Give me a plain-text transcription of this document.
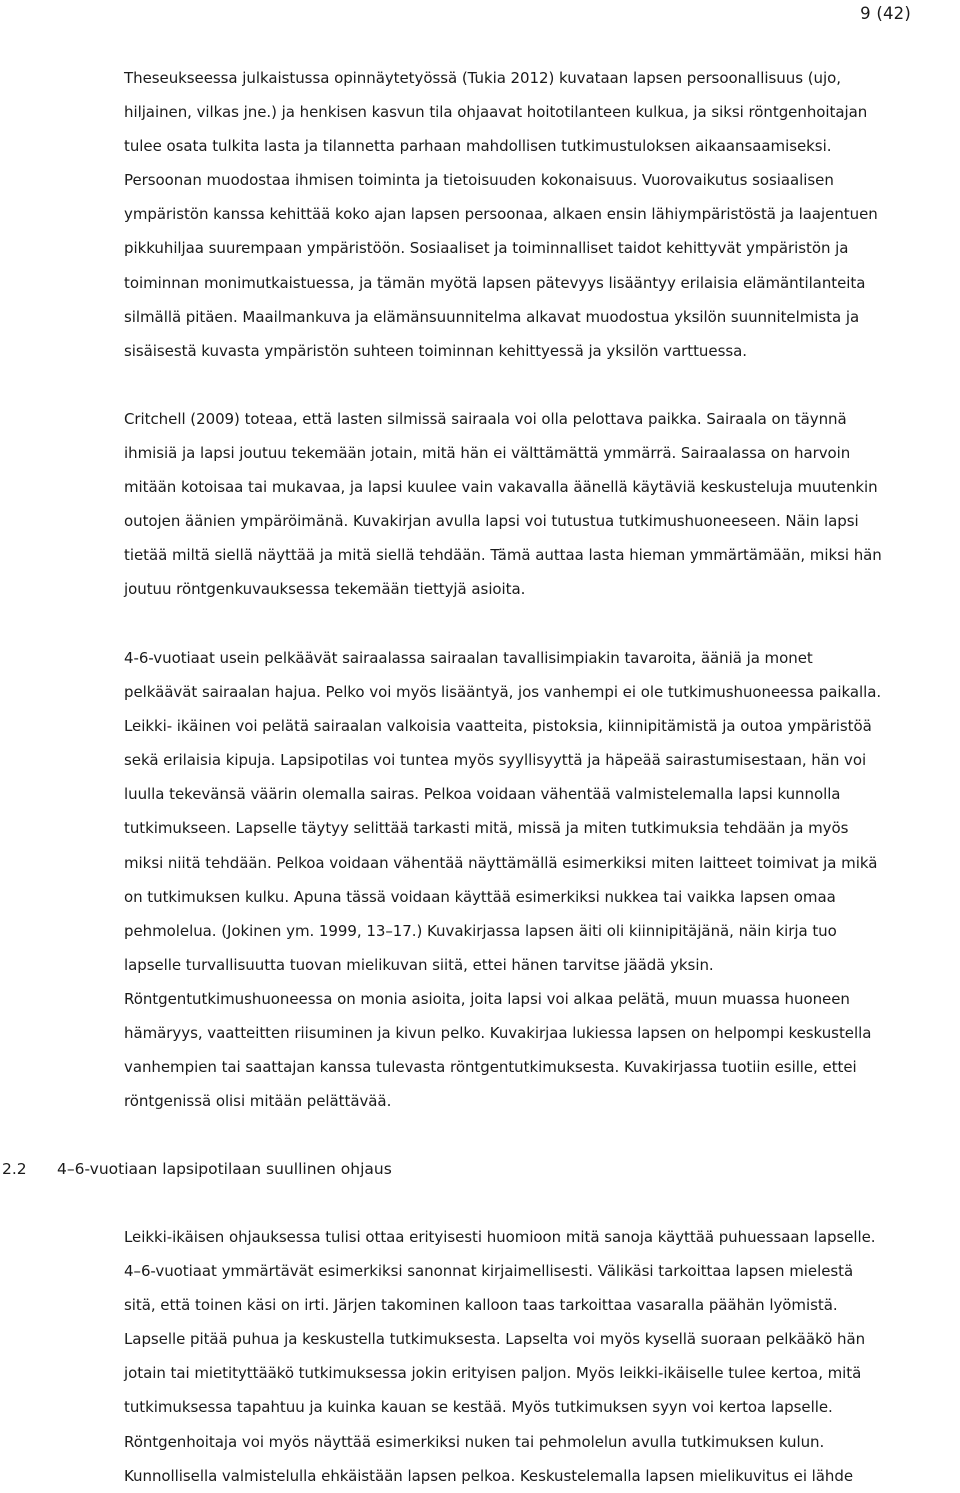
9 (42)
Theseukseessa julkaistussa opinnäytetyössä (Tukia 2012) kuvataan lapsen persoonallisuus (ujo,
hiljainen, vilkas jne.) ja henkisen kasvun tila ohjaavat hoitotilanteen kulkua, ja siksi röntgenhoitajan
tulee osata tulkita lasta ja tilannetta parhaan mahdollisen tutkimustuloksen aikaansaamiseksi.
Persoonan muodostaa ihmisen toiminta ja tietoisuuden kokonaisuus. Vuorovaikutus sosiaalisen
ympäristön kanssa kehittää koko ajan lapsen persoonaa, alkaen ensin lähiympäristöstä ja laajentuen
pikkuhiljaa suurempaan ympäristöön. Sosiaaliset ja toiminnalliset taidot kehittyvät ympäristön ja
toiminnan monimutkaistuessa, ja tämän myötä lapsen pätevyys lisääntyy erilaisia elämäntilanteita
silmällä pitäen. Maailmankuva ja elämänsuunnitelma alkavat muodostua yksilön suunnitelmista ja
sisäisestä kuvasta ympäristön suhteen toiminnan kehittyessä ja yksilön varttuessa.
Critchell (2009) toteaa, että lasten silmissä sairaala voi olla pelottava paikka. Sairaala on täynnä
ihmisiä ja lapsi joutuu tekemään jotain, mitä hän ei välttämättä ymmärrä. Sairaalassa on harvoin
mitään kotoisaa tai mukavaa, ja lapsi kuulee vain vakavalla äänellä käytäviä keskusteluja muutenkin
outojen äänien ympäröimänä. Kuvakirjan avulla lapsi voi tutustua tutkimushuoneeseen. Näin lapsi
tietää miltä siellä näyttää ja mitä siellä tehdään. Tämä auttaa lasta hieman ymmärtämään, miksi hän
joutuu röntgenkuvauksessa tekemään tiettyjä asioita.
4-6-vuotiaat usein pelkäävät sairaalassa sairaalan tavallisimpiakin tavaroita, ääniä ja monet
pelkäävät sairaalan hajua. Pelko voi myös lisääntyä, jos vanhempi ei ole tutkimushuoneessa paikalla.
Leikki- ikäinen voi pelätä sairaalan valkoisia vaatteita, pistoksia, kiinnipitämistä ja outoa ympäristöä
sekä erilaisia kipuja. Lapsipotilas voi tuntea myös syyllisyyttä ja häpeää sairastumisestaan, hän voi
luulla tekevänsä väärin olemalla sairas. Pelkoa voidaan vähentää valmistelemalla lapsi kunnolla
tutkimukseen. Lapselle täytyy selittää tarkasti mitä, missä ja miten tutkimuksia tehdään ja myös
miksi niitä tehdään. Pelkoa voidaan vähentää näyttämällä esimerkiksi miten laitteet toimivat ja mikä
on tutkimuksen kulku. Apuna tässä voidaan käyttää esimerkiksi nukkea tai vaikka lapsen omaa
pehmolelua. (Jokinen ym. 1999, 13–17.) Kuvakirjassa lapsen äiti oli kiinnipitäjänä, näin kirja tuo
lapselle turvallisuutta tuovan mielikuvan siitä, ettei hänen tarvitse jäädä yksin.
Röntgentutkimushuoneessa on monia asioita, joita lapsi voi alkaa pelätä, muun muassa huoneen
hämäryys, vaatteitten riisuminen ja kivun pelko. Kuvakirjaa lukiessa lapsen on helpompi keskustella
vanhempien tai saattajan kanssa tulevasta röntgentutkimuksesta. Kuvakirjassa tuotiin esille, ettei
röntgenissä olisi mitään pelättävää.
2.2 4–6-vuotiaan lapsipotilaan suullinen ohjaus
Leikki-ikäisen ohjauksessa tulisi ottaa erityisesti huomioon mitä sanoja käyttää puhuessaan lapselle.
4–6-vuotiaat ymmärtävät esimerkiksi sanonnat kirjaimellisesti. Välikäsi tarkoittaa lapsen mielestä
sitä, että toinen käsi on irti. Järjen takominen kalloon taas tarkoittaa vasaralla päähän lyömistä.
Lapselle pitää puhua ja keskustella tutkimuksesta. Lapselta voi myös kysellä suoraan pelkääkö hän
jotain tai mietityttääkö tutkimuksessa jokin erityisen paljon. Myös leikki-ikäiselle tulee kertoa, mitä
tutkimuksessa tapahtuu ja kuinka kauan se kestää. Myös tutkimuksen syyn voi kertoa lapselle.
Röntgenhoitaja voi myös näyttää esimerkiksi nuken tai pehmolelun avulla tutkimuksen kulun.
Kunnollisella valmistelulla ehkäistään lapsen pelkoa. Keskustelemalla lapsen mielikuvitus ei lähde
